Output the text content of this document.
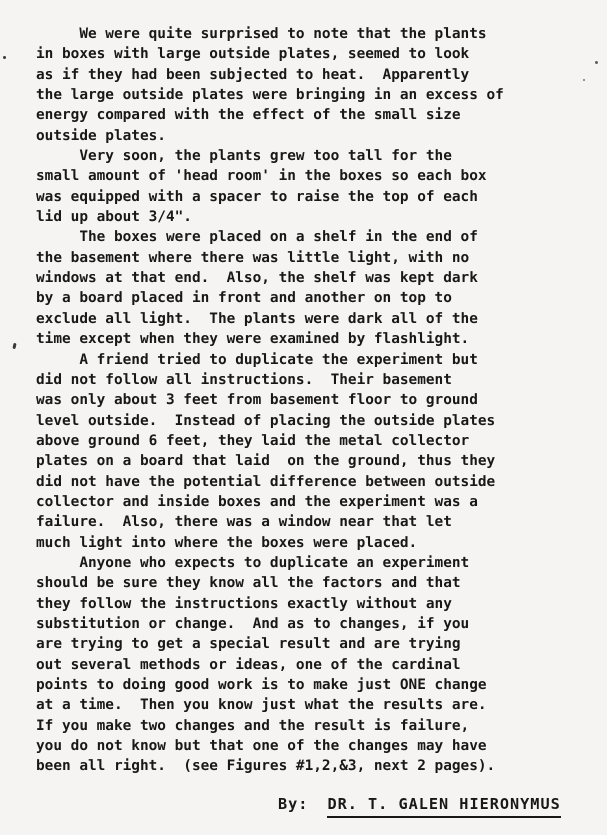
We were quite surprised to note that the plants
in boxes with large outside plates, seemed to look
as if they had been subjected to heat.  Apparently
the large outside plates were bringing in an excess of
energy compared with the effect of the small size
outside plates.
Very soon, the plants grew too tall for the
small amount of 'head room' in the boxes so each box
was equipped with a spacer to raise the top of each
lid up about 3/4".
The boxes were placed on a shelf in the end of
the basement where there was little light, with no
windows at that end.  Also, the shelf was kept dark
by a board placed in front and another on top to
exclude all light.  The plants were dark all of the
time except when they were examined by flashlight.
A friend tried to duplicate the experiment but
did not follow all instructions.  Their basement
was only about 3 feet from basement floor to ground
level outside.  Instead of placing the outside plates
above ground 6 feet, they laid the metal collector
plates on a board that laid  on the ground, thus they
did not have the potential difference between outside
collector and inside boxes and the experiment was a
failure.  Also, there was a window near that let
much light into where the boxes were placed.
Anyone who expects to duplicate an experiment
should be sure they know all the factors and that
they follow the instructions exactly without any
substitution or change.  And as to changes, if you
are trying to get a special result and are trying
out several methods or ideas, one of the cardinal
points to doing good work is to make just ONE change
at a time.  Then you know just what the results are.
If you make two changes and the result is failure,
you do not know but that one of the changes may have
been all right.  (see Figures #1,2,&3, next 2 pages).
By: DR. T. GALEN HIERONYMUS
